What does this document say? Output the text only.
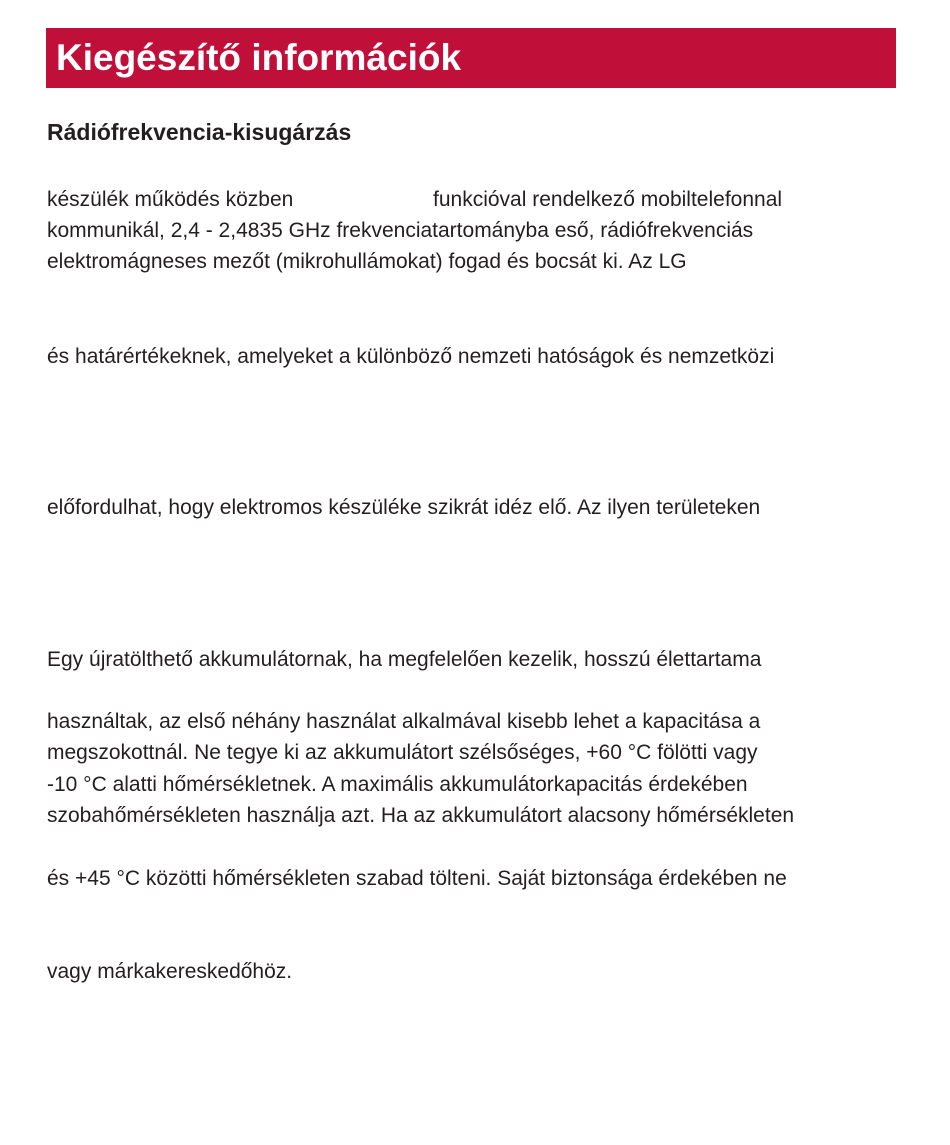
Kiegészítő információk
Rádiófrekvencia-kisugárzás
készülék működés közben	funkcióval rendelkező mobiltelefonnal
kommunikál, 2,4 - 2,4835 GHz frekvenciatartományba eső, rádiófrekvenciás
elektromágneses mezőt (mikrohullámokat) fogad és bocsát ki. Az LG
és határértékeknek, amelyeket a különböző nemzeti hatóságok és nemzetközi
előfordulhat, hogy elektromos készüléke szikrát idéz elő. Az ilyen területeken
Egy újratölthető akkumulátornak, ha megfelelően kezelik, hosszú élettartama
használtak, az első néhány használat alkalmával kisebb lehet a kapacitása a
megszokottnál. Ne tegye ki az akkumulátort szélsőséges, +60 °C fölötti vagy
-10 °C alatti hőmérsékletnek. A maximális akkumulátorkapacitás érdekében
szobahőmérsékleten használja azt. Ha az akkumulátort alacsony hőmérsékleten
és +45 °C közötti hőmérsékleten szabad tölteni. Saját biztonsága érdekében ne
vagy márkakereskedőhöz.
